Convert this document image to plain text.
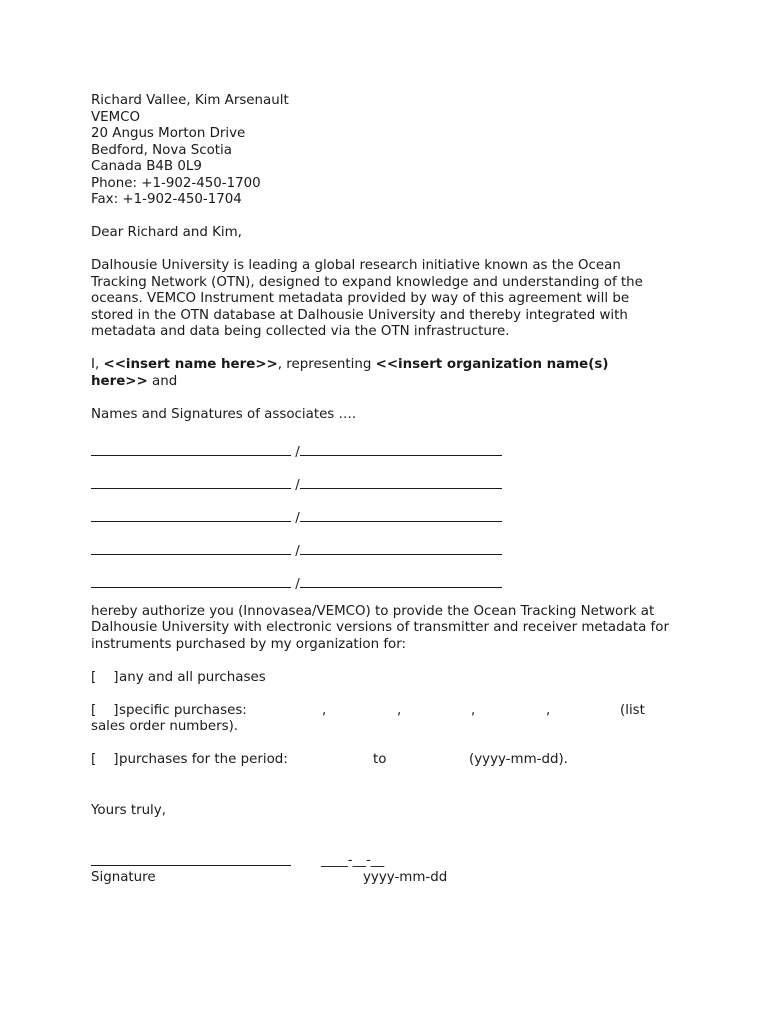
Richard Vallee, Kim Arsenault
VEMCO
20 Angus Morton Drive
Bedford, Nova Scotia
Canada B4B 0L9
Phone: +1-902-450-1700
Fax: +1-902-450-1704
Dear Richard and Kim,
Dalhousie University is leading a global research initiative known as the Ocean Tracking Network (OTN), designed to expand knowledge and understanding of the oceans. VEMCO Instrument metadata provided by way of this agreement will be stored in the OTN database at Dalhousie University and thereby integrated with metadata and data being collected via the OTN infrastructure.
I, <<insert name here>>, representing <<insert organization name(s) here>> and
Names and Signatures of associates ….
/
/
/
/
/
hereby authorize you (Innovasea/VEMCO) to provide the Ocean Tracking Network at Dalhousie University with electronic versions of transmitter and receiver metadata for instruments purchased by my organization for:

[    ]

any and all purchases

[    ]

specific purchases:

	,

	,

	,

	,

	(list

sales order numbers).

[    ]

purchases for the period:

	to

	(yyyy-mm-dd).

Yours truly,
____-__-__
Signature	yyyy-mm-dd
